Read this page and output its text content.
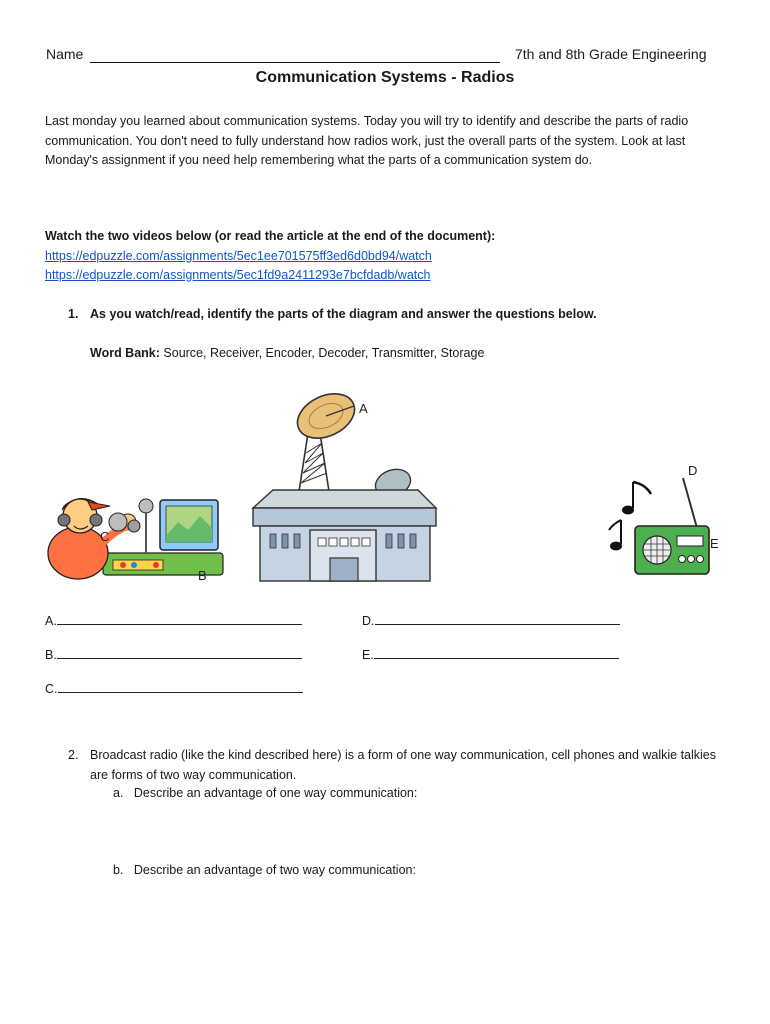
Name	7th and 8th Grade Engineering
Communication Systems - Radios
Last monday you learned about communication systems. Today you will try to identify and describe the parts of radio communication. You don't need to fully understand how radios work, just the overall parts of the system. Look at last Monday's assignment if you need help remembering what the parts of a communication system do.
Watch the two videos below (or read the article at the end of the document):
https://edpuzzle.com/assignments/5ec1ee701575ff3ed6d0bd94/watch
https://edpuzzle.com/assignments/5ec1fd9a2411293e7bcfdadb/watch
1. As you watch/read, identify the parts of the diagram and answer the questions below.
Word Bank: Source, Receiver, Encoder, Decoder, Transmitter, Storage
C
B
A
D
E
A.	D.
B.	E.
C.
2. Broadcast radio (like the kind described here) is a form of one way communication, cell phones and walkie talkies are forms of two way communication.
a. Describe an advantage of one way communication:
b. Describe an advantage of two way communication:
